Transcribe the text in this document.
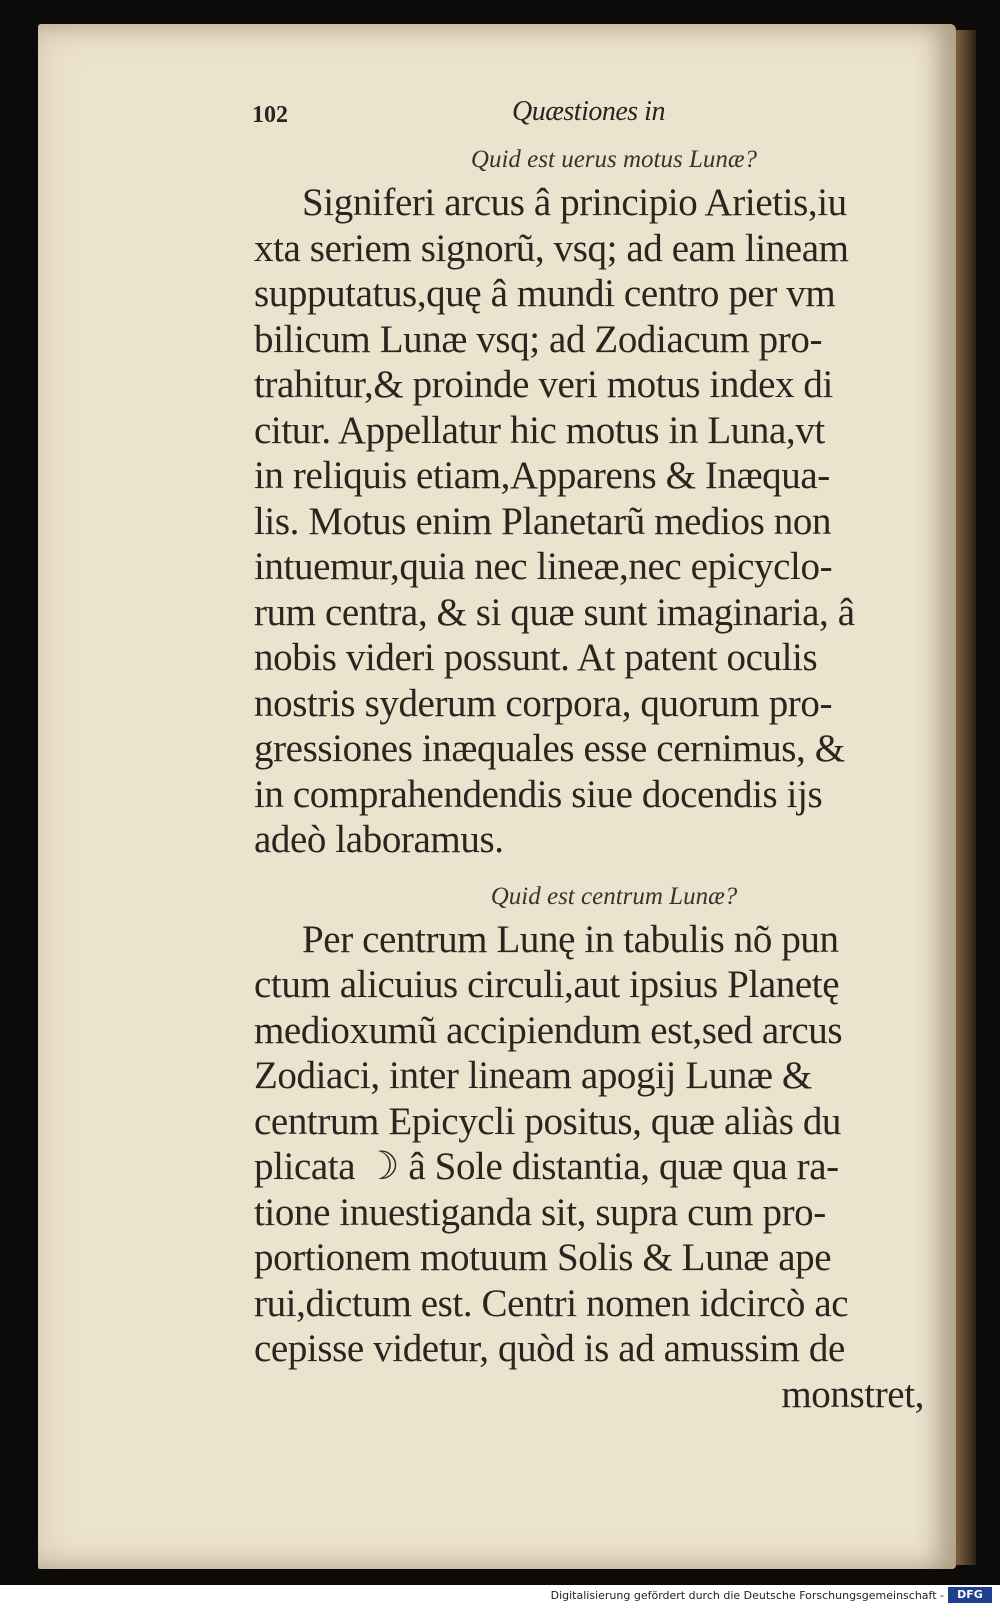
102	Quæstiones in
Quid est uerus motus Lunæ?
Signiferi arcus â principio Arietis,iu
xta seriem signorũ, vsq; ad eam lineam
supputatus,quę â mundi centro per vm
bilicum Lunæ vsq; ad Zodiacum pro-
trahitur,& proinde veri motus index di
citur. Appellatur hic motus in Luna,vt
in reliquis etiam,Apparens & Inæqua-
lis. Motus enim Planetarũ medios non
intuemur,quia nec lineæ,nec epicyclo-
rum centra, & si quæ sunt imaginaria, â
nobis videri possunt. At patent oculis
nostris syderum corpora, quorum pro-
gressiones inæquales esse cernimus, &
in comprahendendis siue docendis ijs
adeò laboramus.
Quid est centrum Lunæ?
Per centrum Lunę in tabulis nõ pun
ctum alicuius circuli,aut ipsius Planetę
medioxumũ accipiendum est,sed arcus
Zodiaci, inter lineam apogij Lunæ &
centrum Epicycli positus, quæ aliàs du
plicata ☽ â Sole distantia, quæ qua ra-
tione inuestiganda sit, supra cum pro-
portionem motuum Solis & Lunæ ape
rui,dictum est. Centri nomen idcircò ac
cepisse videtur, quòd is ad amussim de
monstret,
Digitalisierung gefördert durch die Deutsche Forschungsgemeinschaft -	DFG
